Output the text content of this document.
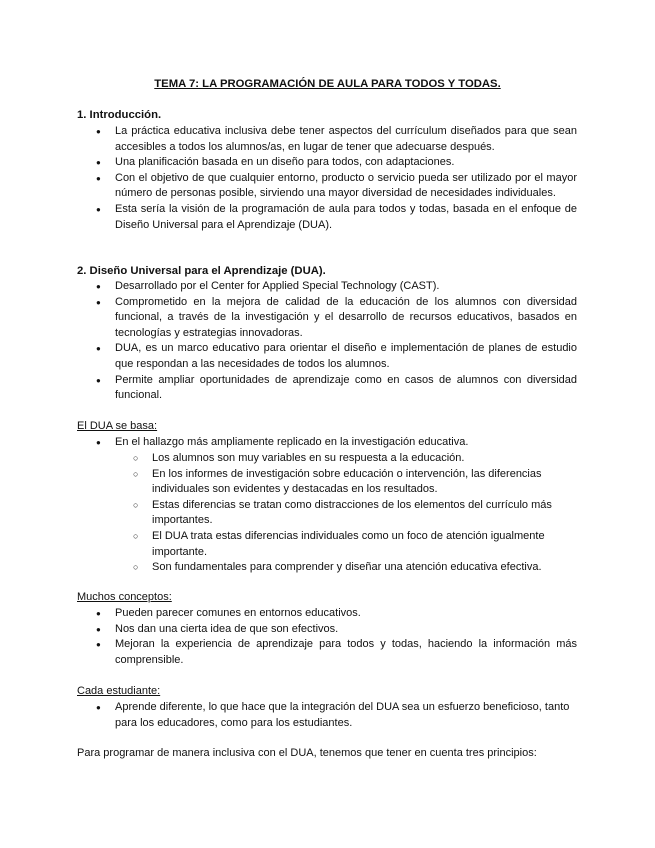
TEMA 7: LA PROGRAMACIÓN DE AULA PARA TODOS Y TODAS.
1. Introducción.
●
La práctica educativa inclusiva debe tener aspectos del currículum diseñados para que sean accesibles a todos los alumnos/as, en lugar de tener que adecuarse después.
●
Una planificación basada en un diseño para todos, con adaptaciones.
●
Con el objetivo de que cualquier entorno, producto o servicio pueda ser utilizado por el mayor número de personas posible, sirviendo una mayor diversidad de necesidades individuales.
●
Esta sería la visión de la programación de aula para todos y todas, basada en el enfoque de Diseño Universal para el Aprendizaje (DUA).
2. Diseño Universal para el Aprendizaje (DUA).
●
Desarrollado por el Center for Applied Special Technology (CAST).
●
Comprometido en la mejora de calidad de la educación de los alumnos con diversidad funcional, a través de la investigación y el desarrollo de recursos educativos, basados en tecnologías y estrategias innovadoras.
●
DUA, es un marco educativo para orientar el diseño e implementación de planes de estudio que respondan a las necesidades de todos los alumnos.
●
Permite ampliar oportunidades de aprendizaje como en casos de alumnos con diversidad funcional.
El DUA se basa:
●
En el hallazgo más ampliamente replicado en la investigación educativa.
○
Los alumnos son muy variables en su respuesta a la educación.
○
En los informes de investigación sobre educación o intervención, las diferencias individuales son evidentes y destacadas en los resultados.
○
Estas diferencias se tratan como distracciones de los elementos del currículo más importantes.
○
El DUA trata estas diferencias individuales como un foco de atención igualmente importante.
○
Son fundamentales para comprender y diseñar una atención educativa efectiva.
Muchos conceptos:
●
Pueden parecer comunes en entornos educativos.
●
Nos dan una cierta idea de que son efectivos.
●
Mejoran la experiencia de aprendizaje para todos y todas, haciendo la información más comprensible.
Cada estudiante:
●
Aprende diferente, lo que hace que la integración del DUA sea un esfuerzo beneficioso, tanto para los educadores, como para los estudiantes.
Para programar de manera inclusiva con el DUA, tenemos que tener en cuenta tres principios:
